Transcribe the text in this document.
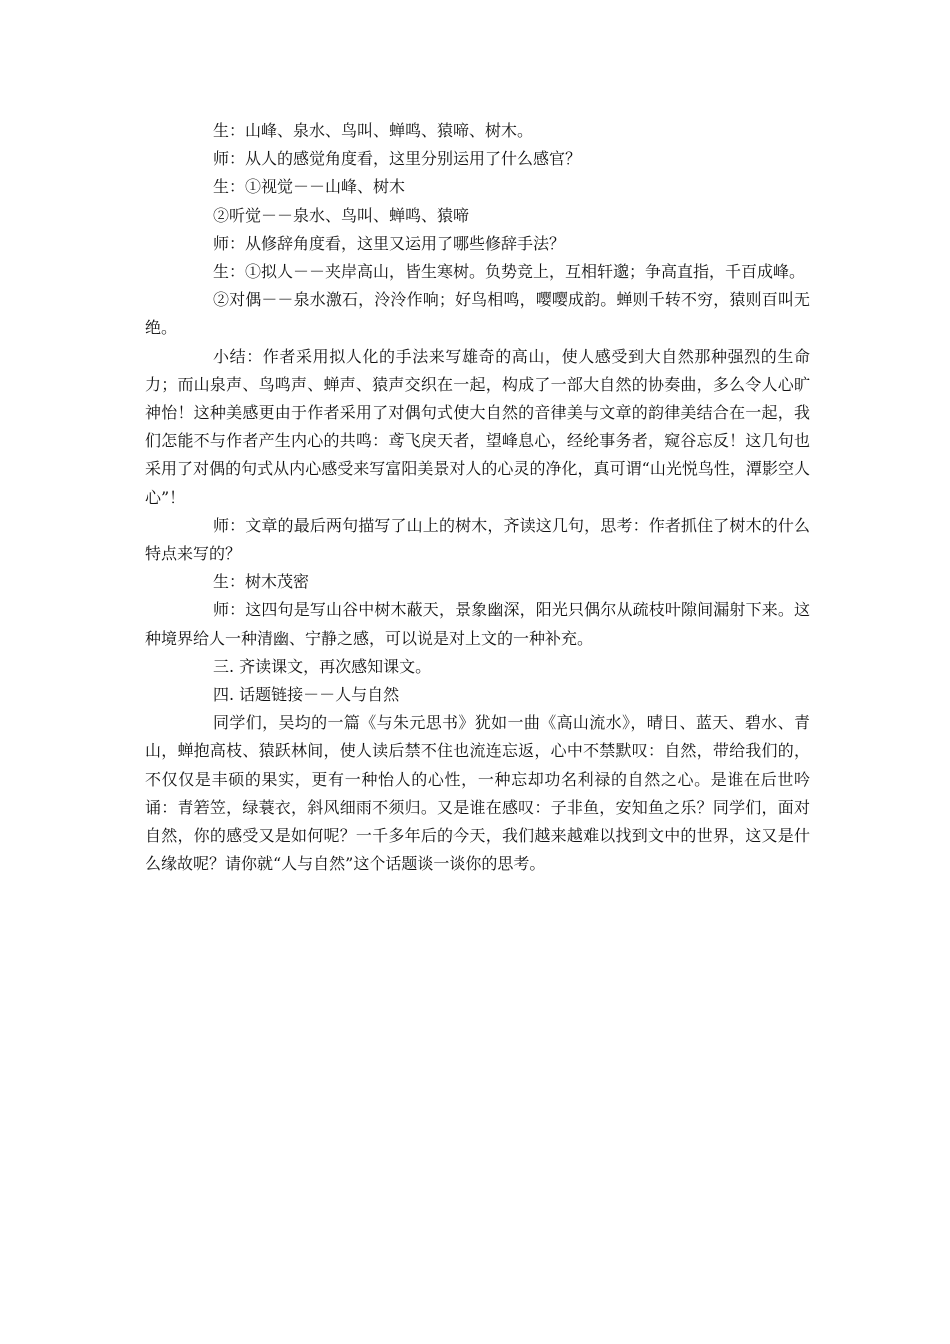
生：山峰、泉水、鸟叫、蝉鸣、猿啼、树木。

师：从人的感觉角度看，这里分别运用了什么感官？

生：①视觉－－山峰、树木

②听觉－－泉水、鸟叫、蝉鸣、猿啼

师：从修辞角度看，这里又运用了哪些修辞手法？

生：①拟人－－夹岸高山，皆生寒树。负势竞上，互相轩邈；争高直指，千百成峰。

②对偶－－泉水激石，泠泠作响；好鸟相鸣，嘤嘤成韵。蝉则千转不穷，猿则百叫无绝。

小结：作者采用拟人化的手法来写雄奇的高山，使人感受到大自然那种强烈的生命力；而山泉声、鸟鸣声、蝉声、猿声交织在一起，构成了一部大自然的协奏曲，多么令人心旷神怡！这种美感更由于作者采用了对偶句式使大自然的音律美与文章的韵律美结合在一起，我们怎能不与作者产生内心的共鸣：鸢飞戾天者，望峰息心，经纶事务者，窥谷忘反！这几句也采用了对偶的句式从内心感受来写富阳美景对人的心灵的净化，真可谓“山光悦鸟性，潭影空人心”！

师：文章的最后两句描写了山上的树木，齐读这几句，思考：作者抓住了树木的什么特点来写的？

生：树木茂密

师：这四句是写山谷中树木蔽天，景象幽深，阳光只偶尔从疏枝叶隙间漏射下来。这种境界给人一种清幽、宁静之感，可以说是对上文的一种补充。

三. 齐读课文，再次感知课文。

四. 话题链接－－人与自然

同学们，吴均的一篇《与朱元思书》犹如一曲《高山流水》，晴日、蓝天、碧水、青山，蝉抱高枝、猿跃林间，使人读后禁不住也流连忘返，心中不禁默叹：自然，带给我们的，不仅仅是丰硕的果实，更有一种怡人的心性，一种忘却功名利禄的自然之心。是谁在后世吟诵：青箬笠，绿蓑衣，斜风细雨不须归。又是谁在感叹：子非鱼，安知鱼之乐？同学们，面对自然，你的感受又是如何呢？一千多年后的今天，我们越来越难以找到文中的世界，这又是什么缘故呢？请你就“人与自然”这个话题谈一谈你的思考。
